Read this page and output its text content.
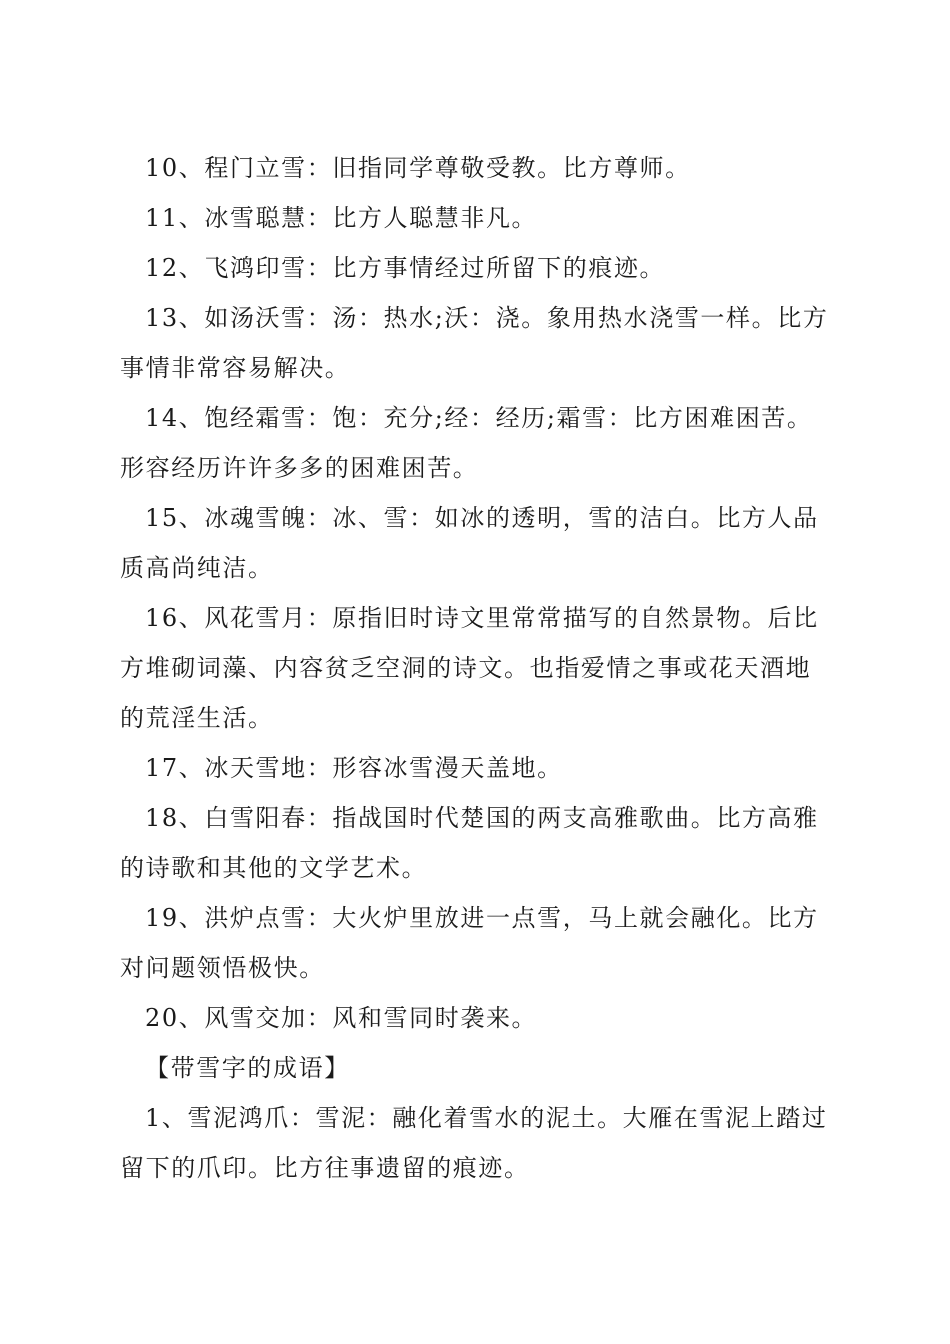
10、程门立雪：旧指同学尊敬受教。比方尊师。

11、冰雪聪慧：比方人聪慧非凡。

12、飞鸿印雪：比方事情经过所留下的痕迹。

13、如汤沃雪：汤：热水;沃：浇。象用热水浇雪一样。比方事情非常容易解决。

14、饱经霜雪：饱：充分;经：经历;霜雪：比方困难困苦。形容经历许许多多的困难困苦。

15、冰魂雪魄：冰、雪：如冰的透明，雪的洁白。比方人品质高尚纯洁。

16、风花雪月：原指旧时诗文里常常描写的自然景物。后比方堆砌词藻、内容贫乏空洞的诗文。也指爱情之事或花天酒地的荒淫生活。

17、冰天雪地：形容冰雪漫天盖地。

18、白雪阳春：指战国时代楚国的两支高雅歌曲。比方高雅的诗歌和其他的文学艺术。

19、洪炉点雪：大火炉里放进一点雪，马上就会融化。比方对问题领悟极快。

20、风雪交加：风和雪同时袭来。

【带雪字的成语】

1、雪泥鸿爪：雪泥：融化着雪水的泥土。大雁在雪泥上踏过留下的爪印。比方往事遗留的痕迹。
